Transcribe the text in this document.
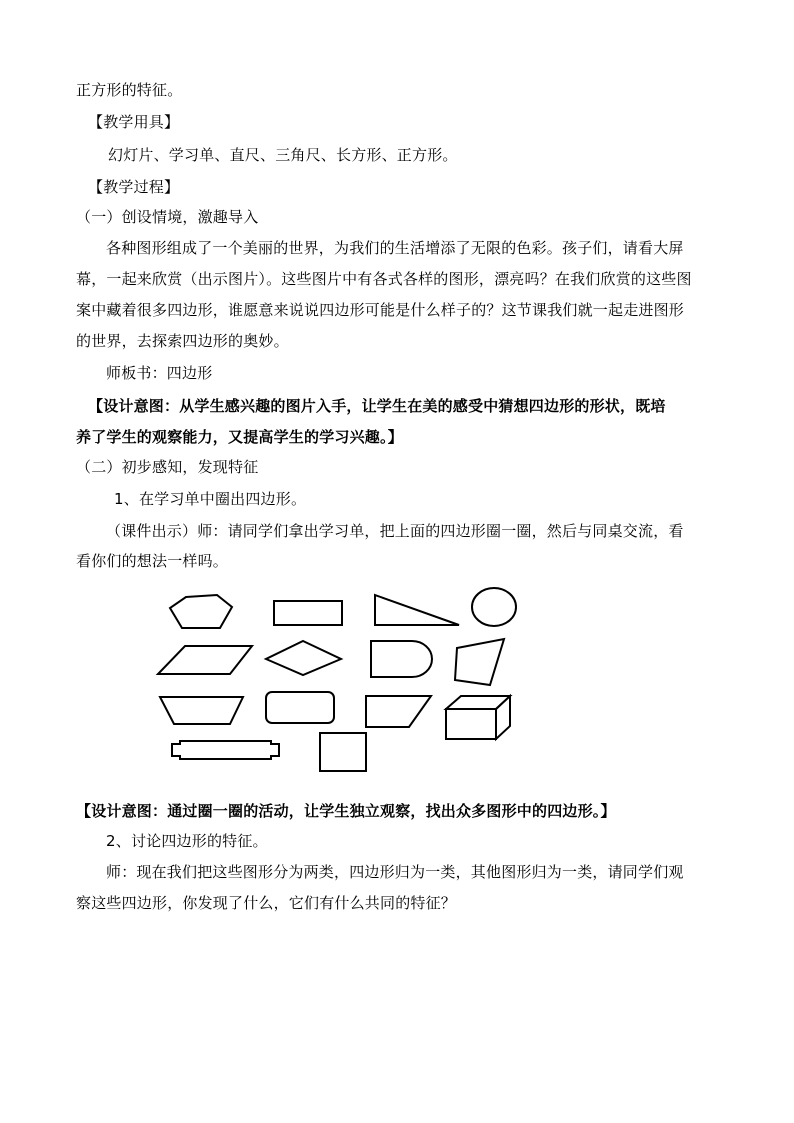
正方形的特征。
【教学用具】
幻灯片、学习单、直尺、三角尺、长方形、正方形。
【教学过程】
（一）创设情境，激趣导入
各种图形组成了一个美丽的世界，为我们的生活增添了无限的色彩。孩子们，请看大屏
幕，一起来欣赏（出示图片）。这些图片中有各式各样的图形，漂亮吗？在我们欣赏的这些图
案中藏着很多四边形，谁愿意来说说四边形可能是什么样子的？这节课我们就一起走进图形
的世界，去探索四边形的奥妙。
师板书：四边形
【设计意图：从学生感兴趣的图片入手，让学生在美的感受中猜想四边形的形状，既培
养了学生的观察能力，又提高学生的学习兴趣。】
（二）初步感知，发现特征
1、在学习单中圈出四边形。
（课件出示）师：请同学们拿出学习单，把上面的四边形圈一圈，然后与同桌交流，看
看你们的想法一样吗。
【设计意图：通过圈一圈的活动，让学生独立观察，找出众多图形中的四边形。】
2、讨论四边形的特征。
师：现在我们把这些图形分为两类，四边形归为一类，其他图形归为一类，请同学们观
察这些四边形，你发现了什么，它们有什么共同的特征？
